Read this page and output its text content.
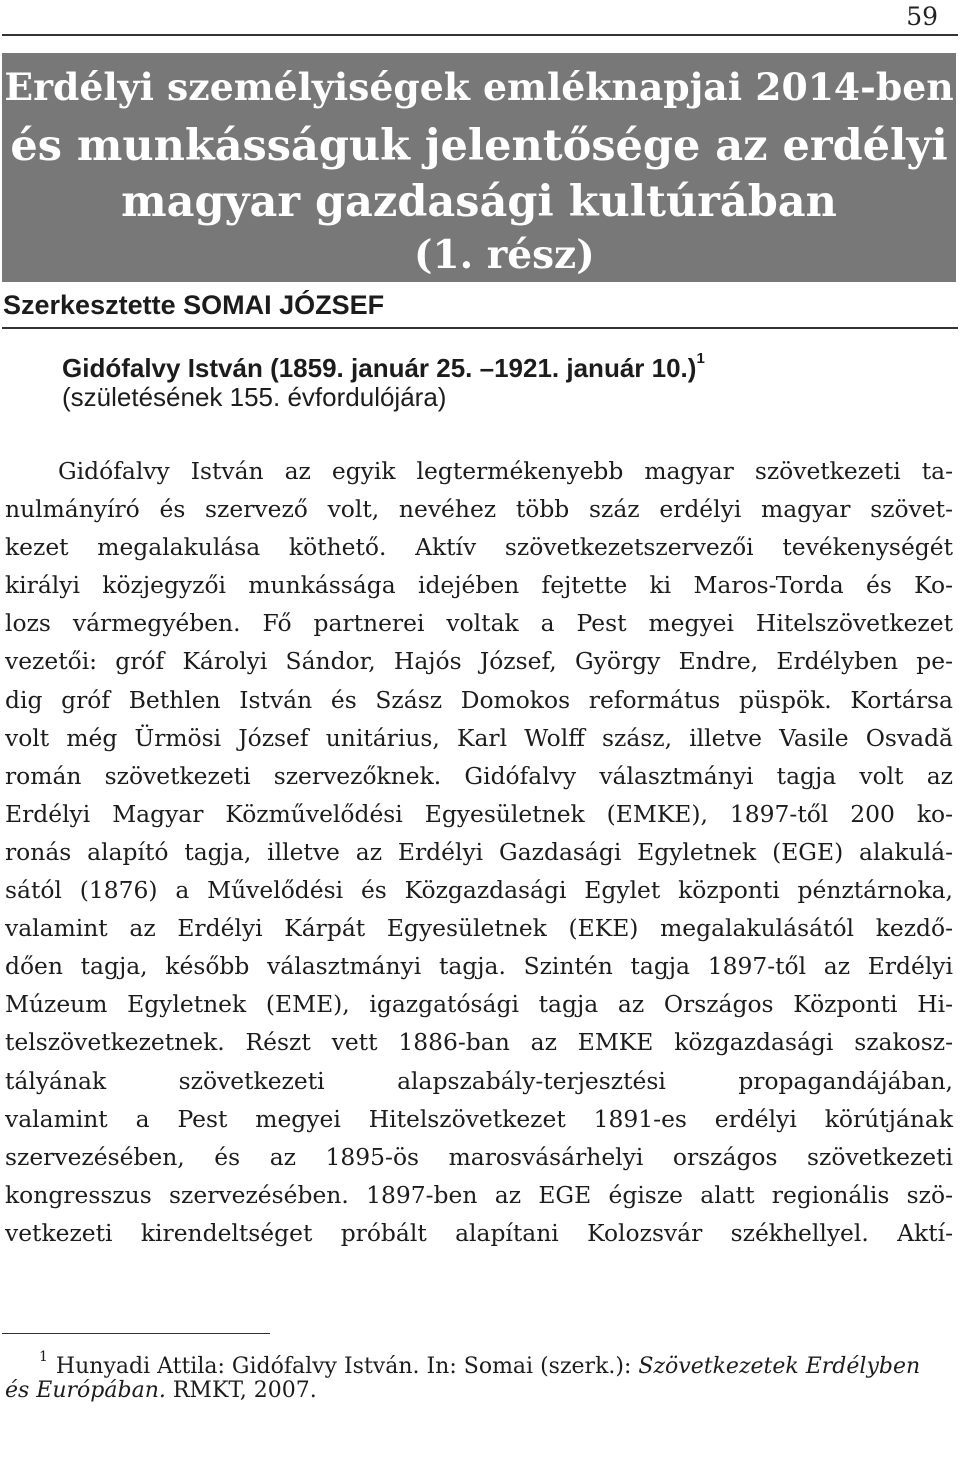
59
Erdélyi személyiségek emléknapjai 2014-ben
és munkásságuk jelentősége az erdélyi
magyar gazdasági kultúrában
(1. rész)
Szerkesztette SOMAI JÓZSEF
Gidófalvy István (1859. január 25. –1921. január 10.)$^1$
(születésének 155. évfordulójára)
Gidófalvy István az egyik legtermékenyebb magyar szövetkezeti ta-
nulmányíró és szervező volt, nevéhez több száz erdélyi magyar szövet-
kezet megalakulása köthető. Aktív szövetkezetszervezői tevékenységét
királyi közjegyzői munkássága idejében fejtette ki Maros-Torda és Ko-
lozs vármegyében. Fő partnerei voltak a Pest megyei Hitelszövetkezet
vezetői: gróf Károlyi Sándor, Hajós József, György Endre, Erdélyben pe-
dig gróf Bethlen István és Szász Domokos református püspök. Kortársa
volt még Ürmösi József unitárius, Karl Wolff szász, illetve Vasile Osvadă
román szövetkezeti szervezőknek. Gidófalvy választmányi tagja volt az
Erdélyi Magyar Közművelődési Egyesületnek (EMKE), 1897-től 200 ko-
ronás alapító tagja, illetve az Erdélyi Gazdasági Egyletnek (EGE) alakulá-
sától (1876) a Művelődési és Közgazdasági Egylet központi pénztárnoka,
valamint az Erdélyi Kárpát Egyesületnek (EKE) megalakulásától kezdő-
dően tagja, később választmányi tagja. Szintén tagja 1897-től az Erdélyi
Múzeum Egyletnek (EME), igazgatósági tagja az Országos Központi Hi-
telszövetkezetnek. Részt vett 1886-ban az EMKE közgazdasági szakosz-
tályának szövetkezeti alapszabály-terjesztési propagandájában,
valamint a Pest megyei Hitelszövetkezet 1891-es erdélyi körútjának
szervezésében, és az 1895-ös marosvásárhelyi országos szövetkezeti
kongresszus szervezésében. 1897-ben az EGE égisze alatt regionális szö-
vetkezeti kirendeltséget próbált alapítani Kolozsvár székhellyel. Aktí-
$^1$ Hunyadi Attila: Gidófalvy István. In: Somai (szerk.): Szövetkezetek Erdélyben
és Európában. RMKT, 2007.
